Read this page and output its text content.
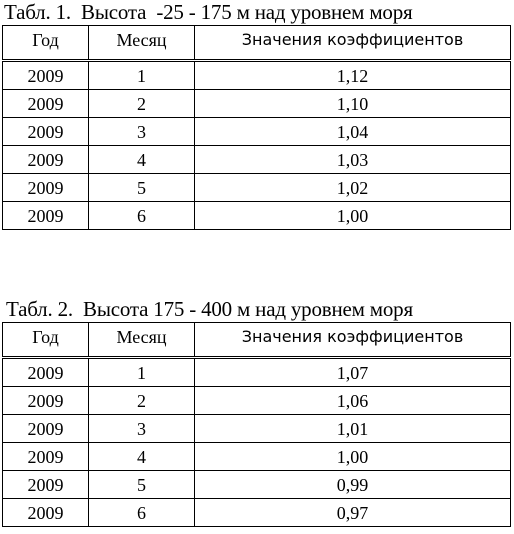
Табл. 1.  Высота  -25 - 175 м над уровнем моря
Год	Месяц	Значения коэффициентов
2009	1	1,12
2009	2	1,10
2009	3	1,04
2009	4	1,03
2009	5	1,02
2009	6	1,00
Табл. 2.  Высота 175 - 400 м над уровнем моря
Год	Месяц	Значения коэффициентов
2009	1	1,07
2009	2	1,06
2009	3	1,01
2009	4	1,00
2009	5	0,99
2009	6	0,97
